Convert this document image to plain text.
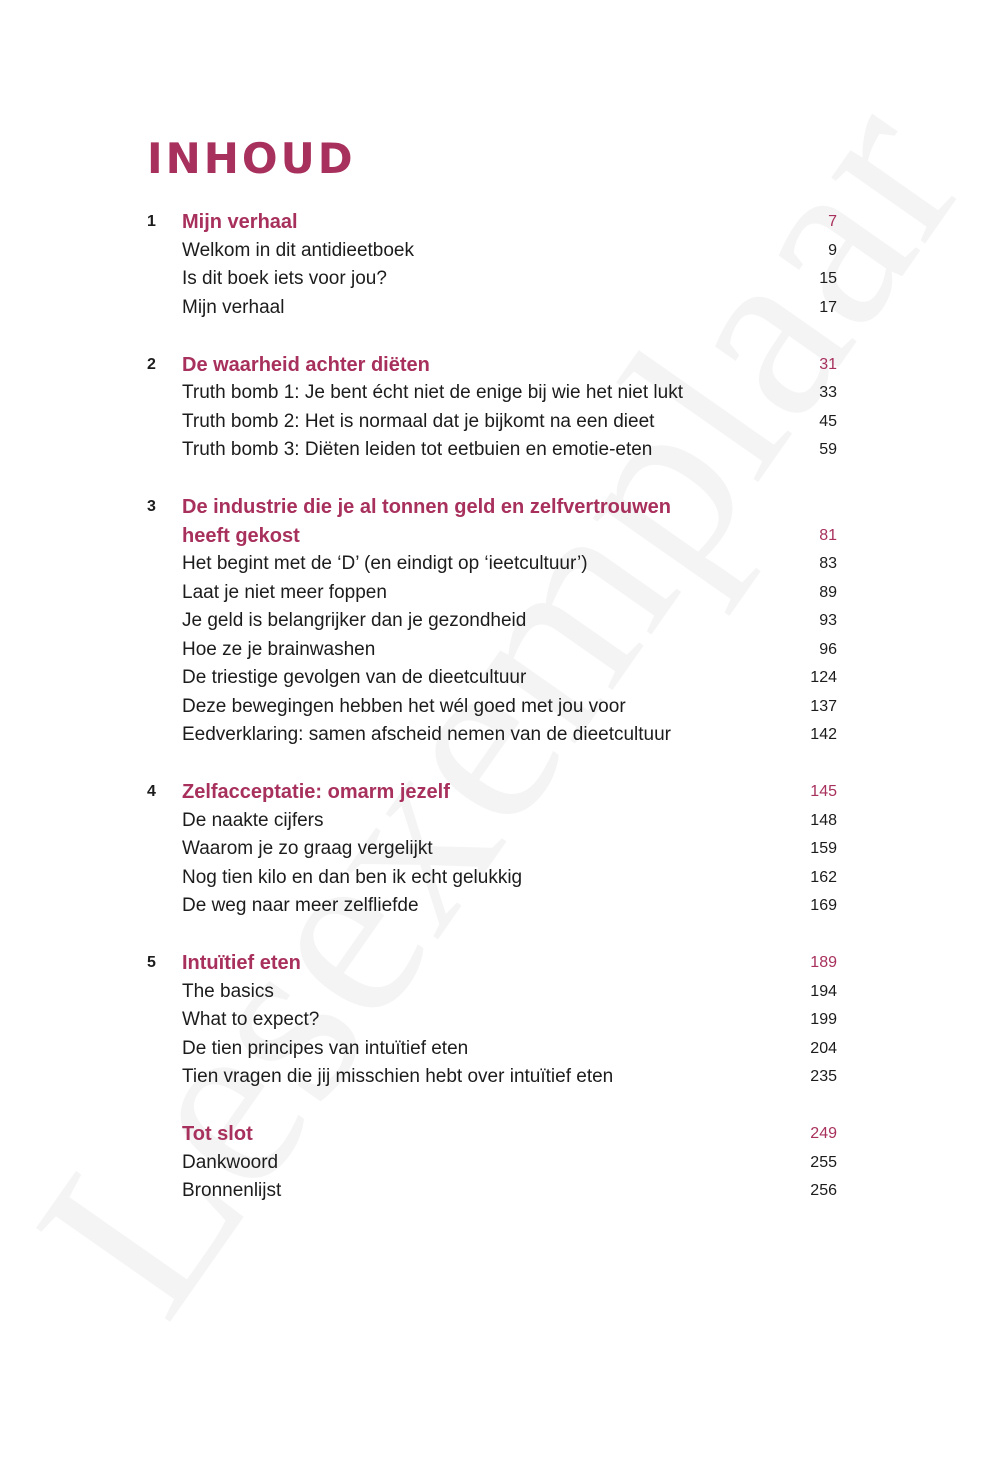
INHOUD
1	Mijn verhaal	7
Welkom in dit antidieetboek	9
Is dit boek iets voor jou?	15
Mijn verhaal	17
2	De waarheid achter diëten	31
Truth bomb 1: Je bent écht niet de enige bij wie het niet lukt	33
Truth bomb 2: Het is normaal dat je bijkomt na een dieet	45
Truth bomb 3: Diëten leiden tot eetbuien en emotie-eten	59
3	De industrie die je al tonnen geld en zelfvertrouwen
heeft gekost	81
Het begint met de ‘D’ (en eindigt op ‘ieetcultuur’)	83
Laat je niet meer foppen	89
Je geld is belangrijker dan je gezondheid	93
Hoe ze je brainwashen	96
De triestige gevolgen van de dieetcultuur	124
Deze bewegingen hebben het wél goed met jou voor	137
Eedverklaring: samen afscheid nemen van de dieetcultuur	142
4	Zelfacceptatie: omarm jezelf	145
De naakte cijfers	148
Waarom je zo graag vergelijkt	159
Nog tien kilo en dan ben ik echt gelukkig	162
De weg naar meer zelfliefde	169
5	Intuïtief eten	189
The basics	194
What to expect?	199
De tien principes van intuïtief eten	204
Tien vragen die jij misschien hebt over intuïtief eten	235
Tot slot	249
Dankwoord	255
Bronnenlijst	256
